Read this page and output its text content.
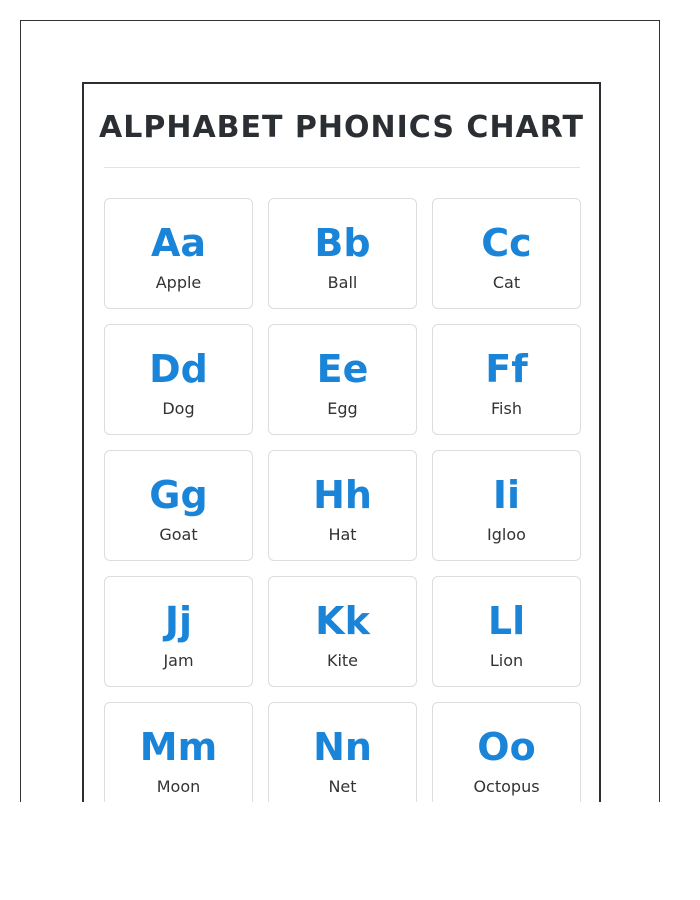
ALPHABET PHONICS CHART
Aa
Apple
Bb
Ball
Cc
Cat
Dd
Dog
Ee
Egg
Ff
Fish
Gg
Goat
Hh
Hat
Ii
Igloo
Jj
Jam
Kk
Kite
Ll
Lion
Mm
Moon
Nn
Net
Oo
Octopus
